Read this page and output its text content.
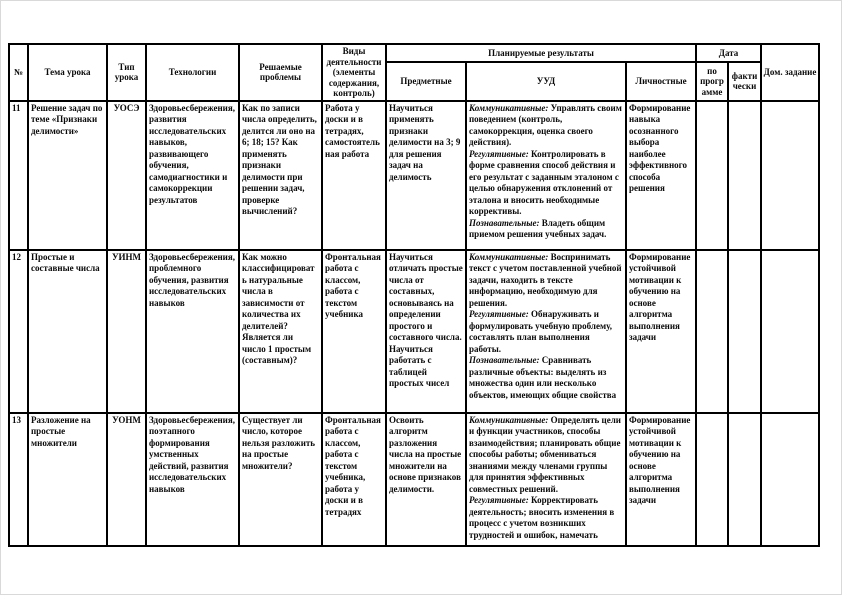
№	Тема урока	Тип урока	Технологии	Решаемые проблемы	Виды деятельности (элементы содержания, контроль)	Планируемые результаты			Дата		Дом. задание
						Предметные	УУД	Личностные	по программе	фактически	
11	Решение задач по теме «Признаки делимости»	УОСЭ	Здоровьесбережения, развития исследовательских навыков, развивающего обучения, самодиагностики и самокоррекции результатов	Как по записи числа определить, делится ли оно на 6; 18; 15? Как применять признаки делимости при решении задач, проверке вычислений?	Работа у доски и в тетрадях, самостоятельная работа	Научиться применять признаки делимости на 3; 9 для решения задач на делимость	Коммуникативные: Управлять своим поведением (контроль, самокоррекция, оценка своего действия).
Регулятивные: Контролировать в форме сравнения способ действия и его результат с заданным эталоном с целью обнаружения отклонений от эталона и вносить необходимые коррективы.
Познавательные: Владеть общим приемом решения учебных задач.	Формирование навыка осознанного выбора наиболее эффективного способа решения			
12	Простые и составные числа	УИНМ	Здоровьесбережения, проблемного обучения, развития исследовательских навыков	Как можно классифицировать натуральные числа в зависимости от количества их делителей? Является ли число 1 простым (составным)?	Фронтальная работа с классом, работа с текстом учебника	Научиться отличать простые числа от составных, основываясь на определении простого и составного числа. Научиться работать с таблицей простых чисел	Коммуникативные: Воспринимать текст с учетом поставленной учебной задачи, находить в тексте информацию, необходимую для решения.
Регулятивные: Обнаруживать и формулировать учебную проблему, составлять план выполнения работы.
Познавательные: Сравнивать различные объекты: выделять из множества один или несколько объектов, имеющих общие свойства	Формирование устойчивой мотивации к обучению на основе алгоритма выполнения задачи			
13	Разложение на простые множители	УОНМ	Здоровьесбережения, поэтапного формирования умственных действий, развития исследовательских навыков	Существует ли число, которое нельзя разложить на простые множители?	Фронтальная работа с классом, работа с текстом учебника, работа у доски и в тетрадях	Освоить алгоритм разложения числа на простые множители на основе признаков делимости.	Коммуникативные: Определять цели и функции участников, способы взаимодействия; планировать общие способы работы; обмениваться знаниями между членами группы для принятия эффективных совместных решений.
Регулятивные: Корректировать деятельность; вносить изменения в процесс с учетом возникших трудностей и ошибок, намечать	Формирование устойчивой мотивации к обучению на основе алгоритма выполнения задачи			
